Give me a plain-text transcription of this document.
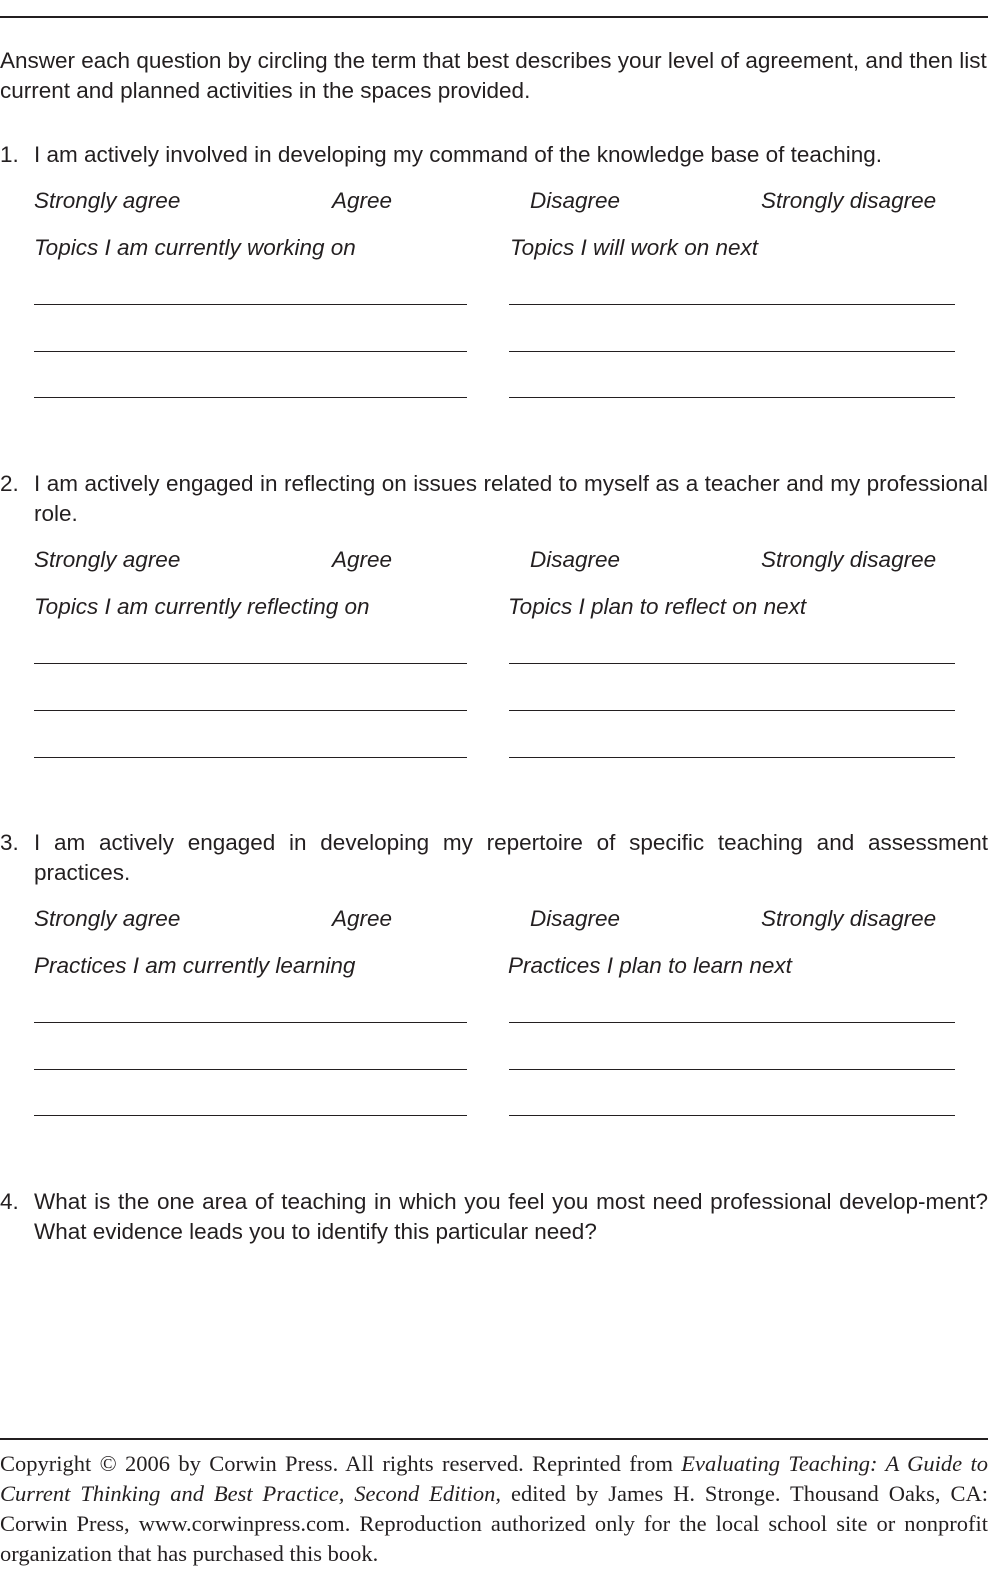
Answer each question by circling the term that best describes your level of agreement, and then list current and planned activities in the spaces provided.
1. I am actively involved in developing my command of the knowledge base of teaching.
Strongly agree	Agree	Disagree	Strongly disagree
Topics I am currently working on	Topics I will work on next
2. I am actively engaged in reflecting on issues related to myself as a teacher and my professional role.
Strongly agree	Agree	Disagree	Strongly disagree
Topics I am currently reflecting on	Topics I plan to reflect on next
3. I am actively engaged in developing my repertoire of specific teaching and assessment practices.
Strongly agree	Agree	Disagree	Strongly disagree
Practices I am currently learning	Practices I plan to learn next
4. What is the one area of teaching in which you feel you most need professional develop-ment? What evidence leads you to identify this particular need?
Copyright © 2006 by Corwin Press. All rights reserved. Reprinted from Evaluating Teaching: A Guide to Current Thinking and Best Practice, Second Edition, edited by James H. Stronge. Thousand Oaks, CA: Corwin Press, www.corwinpress.com. Reproduction authorized only for the local school site or nonprofit organization that has purchased this book.
